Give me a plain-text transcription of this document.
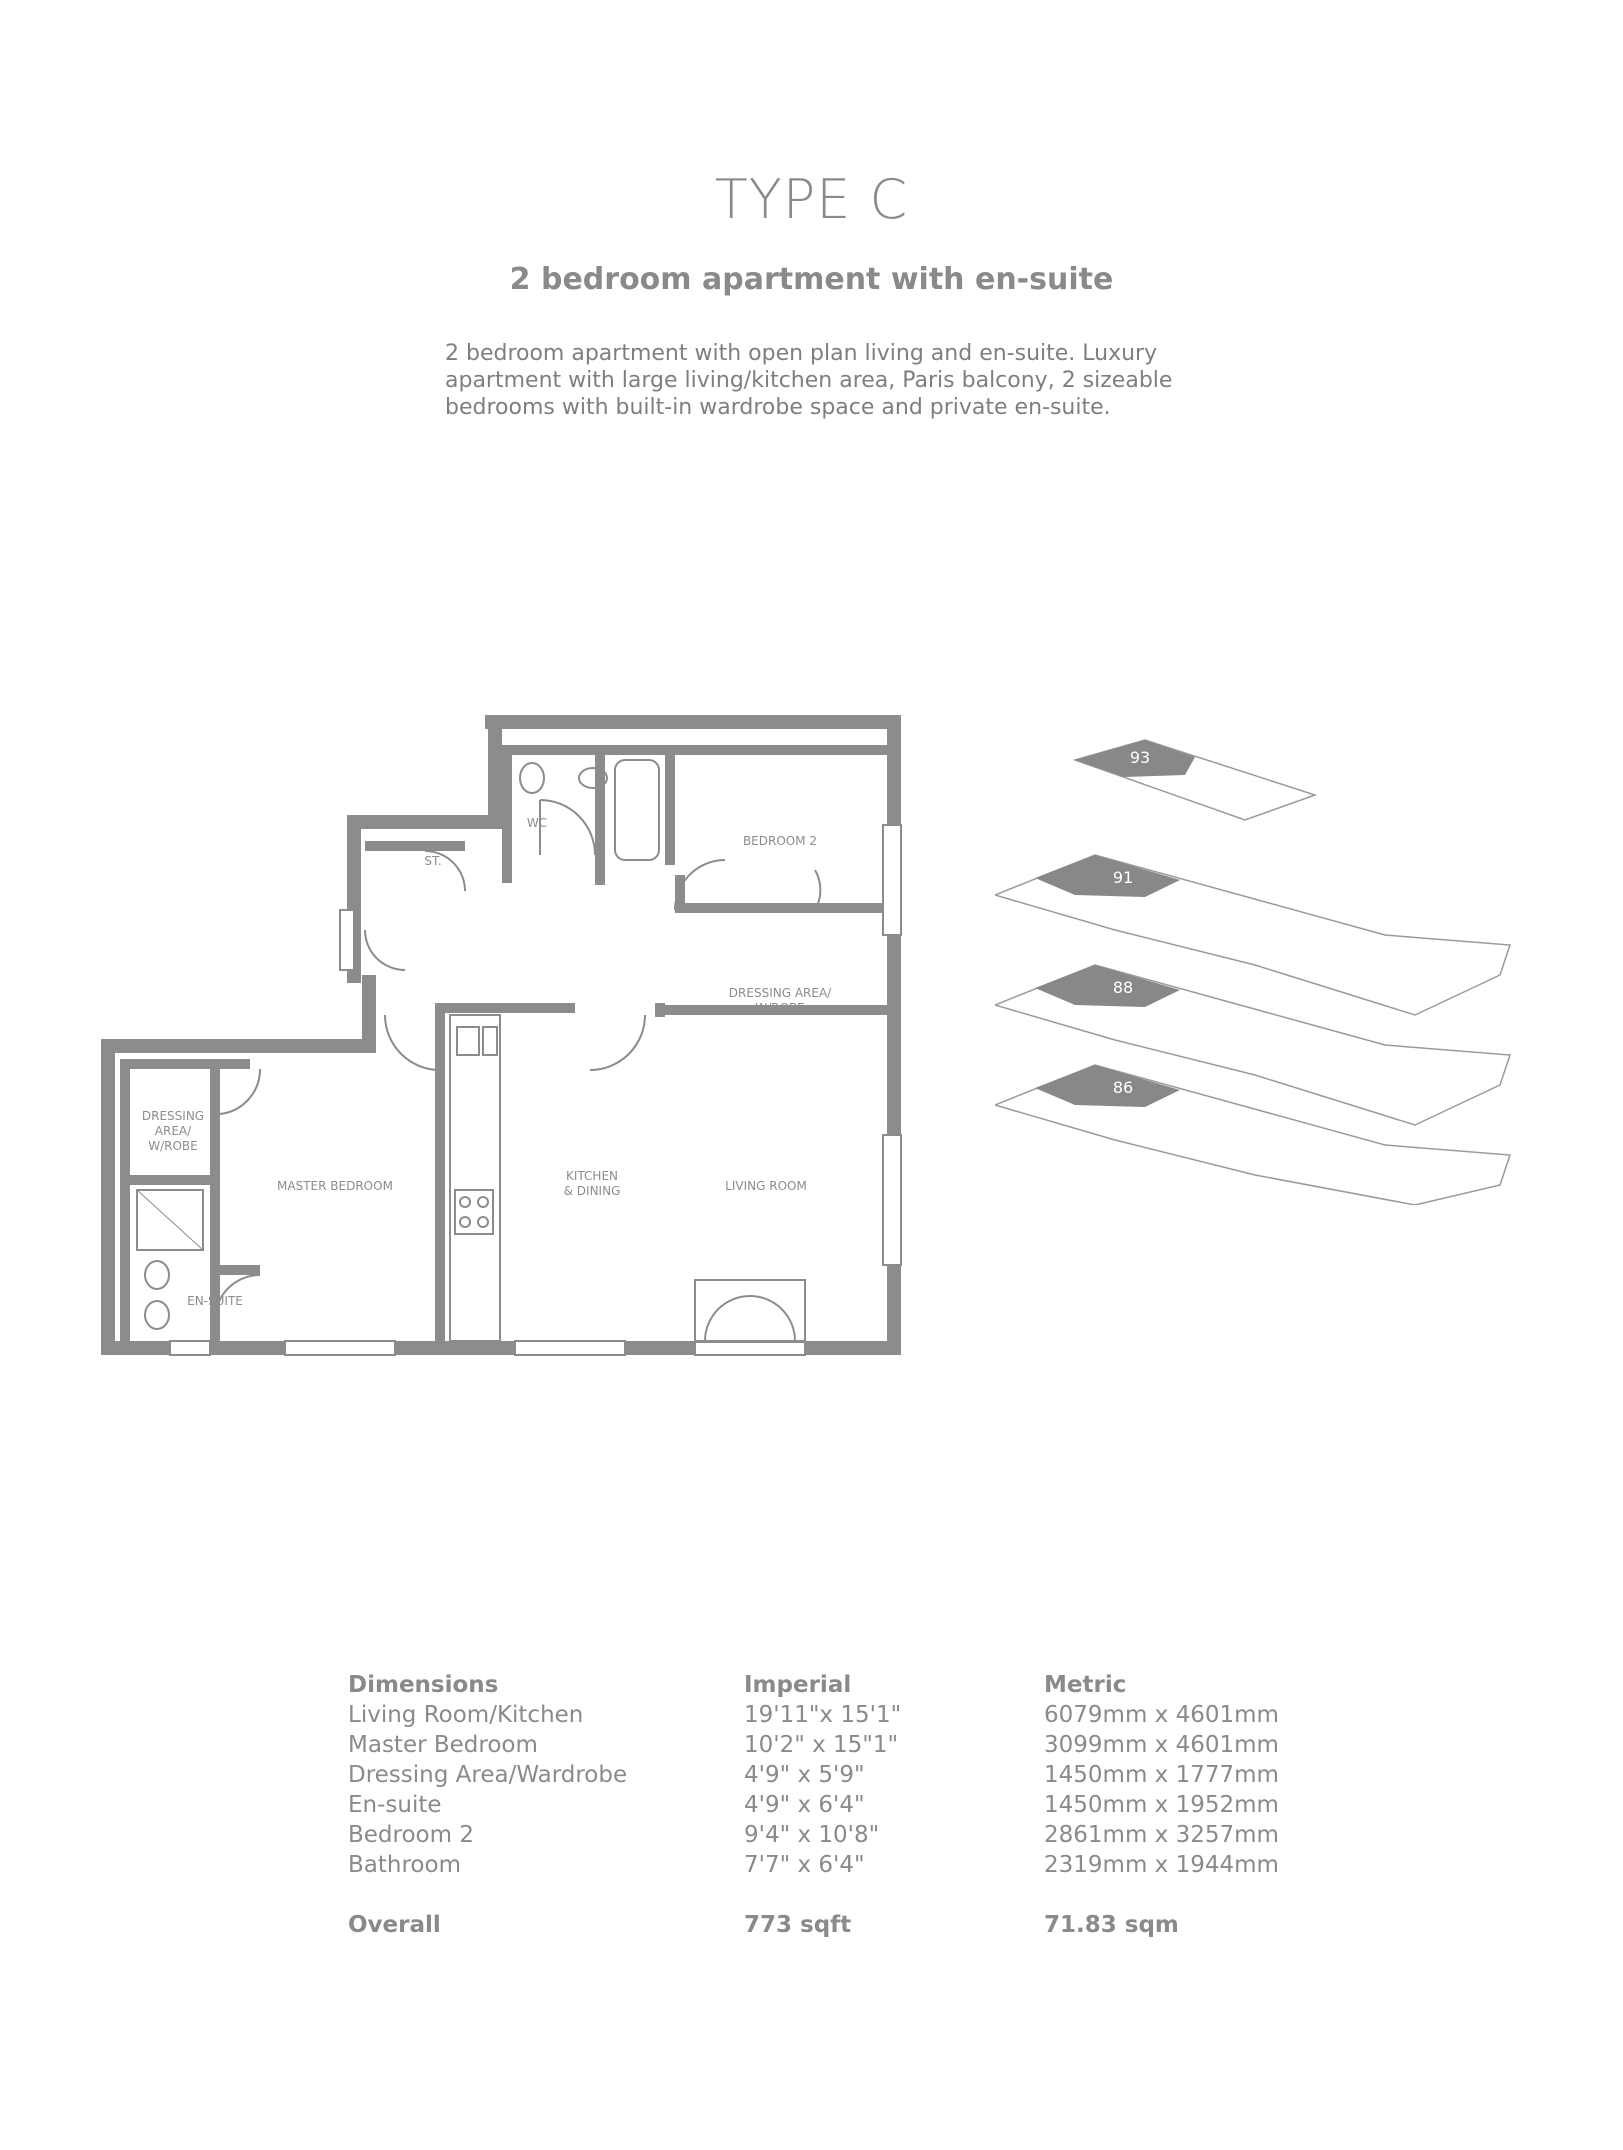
TYPE C
2 bedroom apartment with en-suite
2 bedroom apartment with open plan living and en-suite. Luxury
apartment with large living/kitchen area, Paris balcony, 2 sizeable
bedrooms with built-in wardrobe space and private en-suite.
WC
ST.
BEDROOM 2
DRESSING AREA/
W/ROBE
DRESSING
AREA/
W/ROBE
MASTER BEDROOM
KITCHEN
& DINING	LIVING ROOM
EN-SUITE
93
91
88
86
Dimensions	Imperial	Metric
Living Room/Kitchen	19'11"x 15'1"	6079mm x 4601mm
Master Bedroom	10'2" x 15"1"	3099mm x 4601mm
Dressing Area/Wardrobe	4'9" x 5'9"	1450mm x 1777mm
En-suite	4'9" x 6'4"	1450mm x 1952mm
Bedroom 2	9'4" x 10'8"	2861mm x 3257mm
Bathroom	7'7" x 6'4"	2319mm x 1944mm
Overall	773 sqft	71.83 sqm
